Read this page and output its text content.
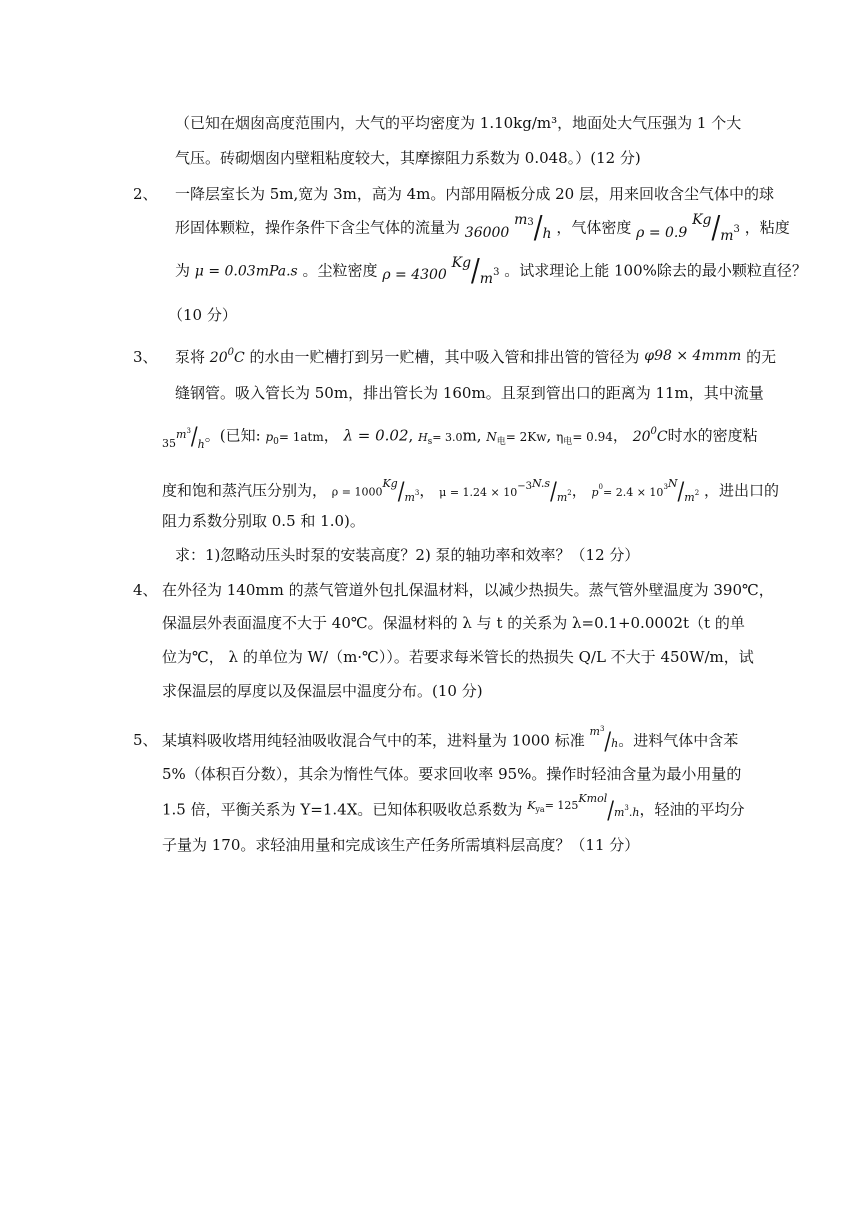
（已知在烟囱高度范围内，大气的平均密度为 1.10kg/m³，地面处大气压强为 1 个大
气压。砖砌烟囱内壁粗粘度较大，其摩擦阻力系数为 0.048。）(12 分)
2、 一降层室长为 5m,宽为 3m，高为 4m。内部用隔板分成 20 层，用来回收含尘气体中的球
形固体颗粒，操作条件下含尘气体的流量为 36000 $m^3/h$ ，气体密度 ρ = 0.9 Kg/m3 ，粘度
为 μ = 0.03mPa.s 。尘粒密度 ρ = 4300 Kg/m3 。试求理论上能 100%除去的最小颗粒直径？
（10 分）
3、 泵将 $20^0C$ 的水由一贮槽打到另一贮槽，其中吸入管和排出管的管径为 φ98 × 4mmm 的无
缝钢管。吸入管长为 50m，排出管长为 160m。且泵到管出口的距离为 11m，其中流量
$_{35}m^3/_h$。(已知: $p_0= 1atm$， λ = 0.02, $H_s= 3.0m$, $N_电= 2Kw$, $\eta_电= 0.94$， $20^0C$时水的密度粘
度和饱和蒸汽压分别为， $\rho = 1000^{Kg}/_m3$， $\mu = 1.24 \times 10-3^{N.s}/_m2$， $p^0= 2.4 \times 10^{3N}/_m2$ ，进出口的
阻力系数分别取 0.5 和 1.0)。
求：1)忽略动压头时泵的安装高度？2) 泵的轴功率和效率？（12 分）
4、 在外径为 140mm 的蒸气管道外包扎保温材料，以减少热损失。蒸气管外壁温度为 390℃，
保温层外表面温度不大于 40℃。保温材料的 λ 与 t 的关系为 λ=0.1+0.0002t（t 的单
位为℃， λ 的单位为 W/（m·℃））。若要求每米管长的热损失 Q/L 不大于 450W/m，试
求保温层的厚度以及保温层中温度分布。(10 分)
5、 某填料吸收塔用纯轻油吸收混合气中的苯，进料量为 1000 标准 $^{m3}$/h。进料气体中含苯
5%（体积百分数），其余为惰性气体。要求回收率 95%。操作时轻油含量为最小用量的
1.5 倍，平衡关系为 Y=1.4X。已知体积吸收总系数为 $^{K_{ya}= 125Kmol}/m^3.h$，轻油的平均分
子量为 170。求轻油用量和完成该生产任务所需填料层高度？（11 分）
